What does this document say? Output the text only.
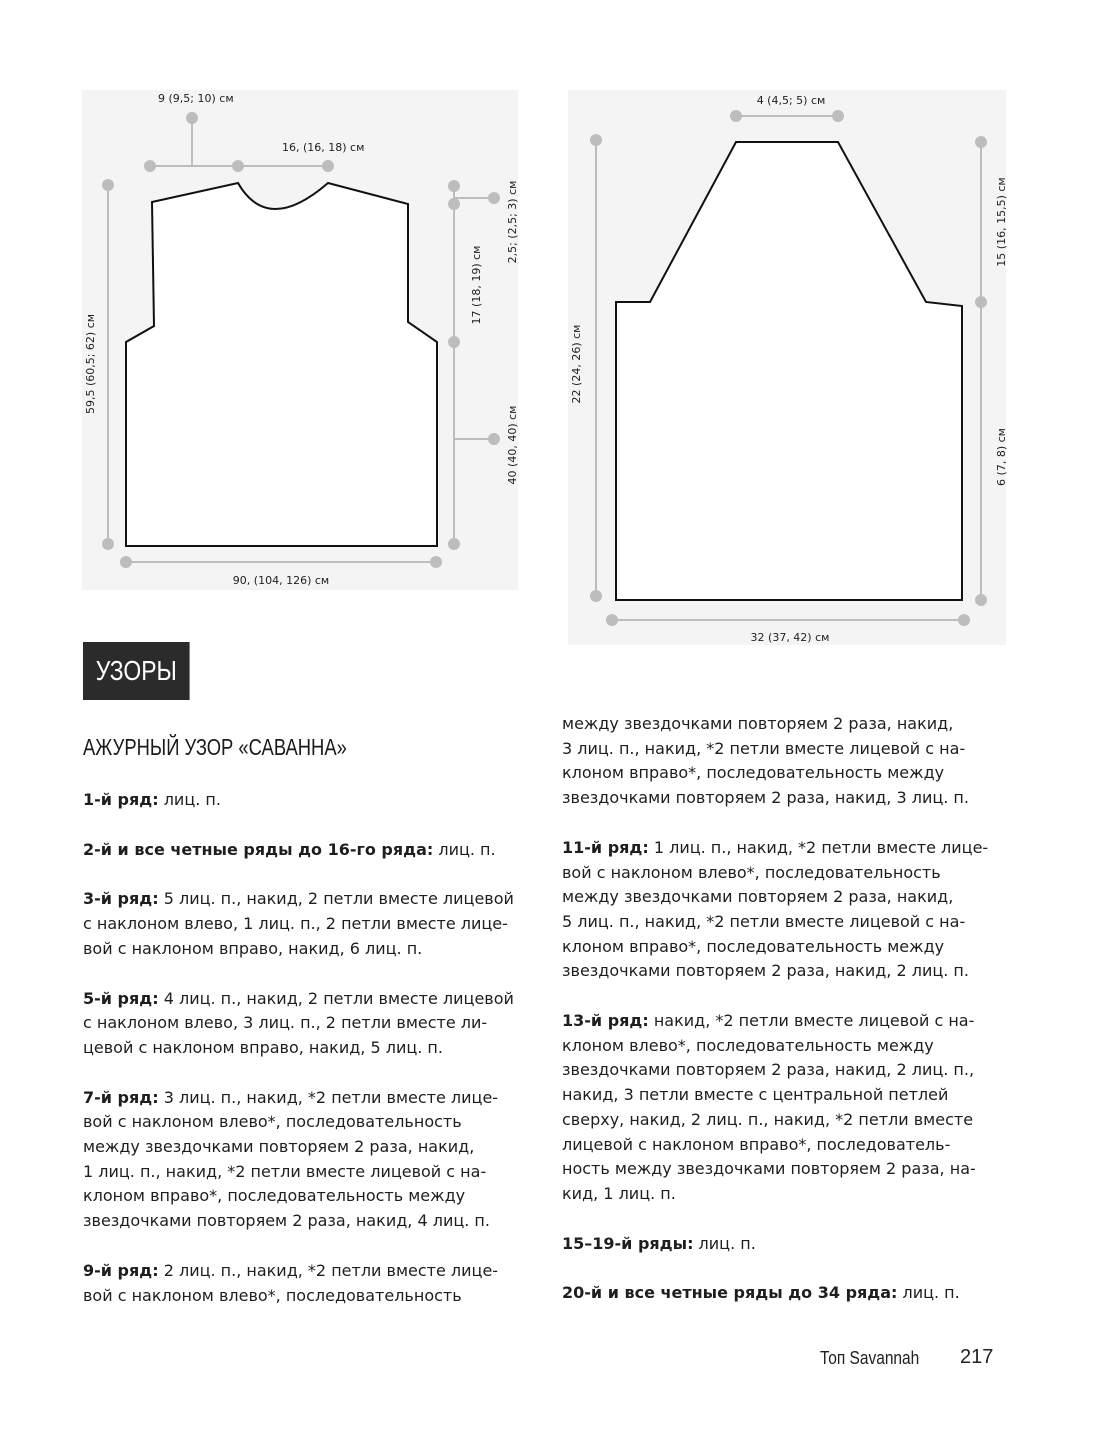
9 (9,5; 10) см
16, (16, 18) см
2,5; (2,5; 3) см
17 (18, 19) см
59,5 (60,5; 62) см
40 (40, 40) см
90, (104, 126) см
4 (4,5; 5) см
15 (16, 15,5) см
22 (24, 26) см
6 (7, 8) см
32 (37, 42) см
УЗОРЫ
АЖУРНЫЙ УЗОР «САВАННА»

1-й ряд: лиц. п.

2-й и все четные ряды до 16-го ряда: лиц. п.

3-й ряд: 5 лиц. п., накид, 2 петли вместе лицевой
с наклоном влево, 1 лиц. п., 2 петли вместе лице-
вой с наклоном вправо, накид, 6 лиц. п.

5-й ряд: 4 лиц. п., накид, 2 петли вместе лицевой
с наклоном влево, 3 лиц. п., 2 петли вместе ли-
цевой с наклоном вправо, накид, 5 лиц. п.

7-й ряд: 3 лиц. п., накид, *2 петли вместе лице-
вой с наклоном влево*, последовательность
между звездочками повторяем 2 раза, накид,
1 лиц. п., накид, *2 петли вместе лицевой с на-
клоном вправо*, последовательность между
звездочками повторяем 2 раза, накид, 4 лиц. п.

9-й ряд: 2 лиц. п., накид, *2 петли вместе лице-
вой с наклоном влево*, последовательность

между звездочками повторяем 2 раза, накид,
3 лиц. п., накид, *2 петли вместе лицевой с на-
клоном вправо*, последовательность между
звездочками повторяем 2 раза, накид, 3 лиц. п.

11-й ряд: 1 лиц. п., накид, *2 петли вместе лице-
вой с наклоном влево*, последовательность
между звездочками повторяем 2 раза, накид,
5 лиц. п., накид, *2 петли вместе лицевой с на-
клоном вправо*, последовательность между
звездочками повторяем 2 раза, накид, 2 лиц. п.

13-й ряд: накид, *2 петли вместе лицевой с на-
клоном влево*, последовательность между
звездочками повторяем 2 раза, накид, 2 лиц. п.,
накид, 3 петли вместе с центральной петлей
сверху, накид, 2 лиц. п., накид, *2 петли вместе
лицевой с наклоном вправо*, последователь-
ность между звездочками повторяем 2 раза, на-
кид, 1 лиц. п.

15–19-й ряды: лиц. п.

20-й и все четные ряды до 34 ряда: лиц. п.

Топ Savannah 217
